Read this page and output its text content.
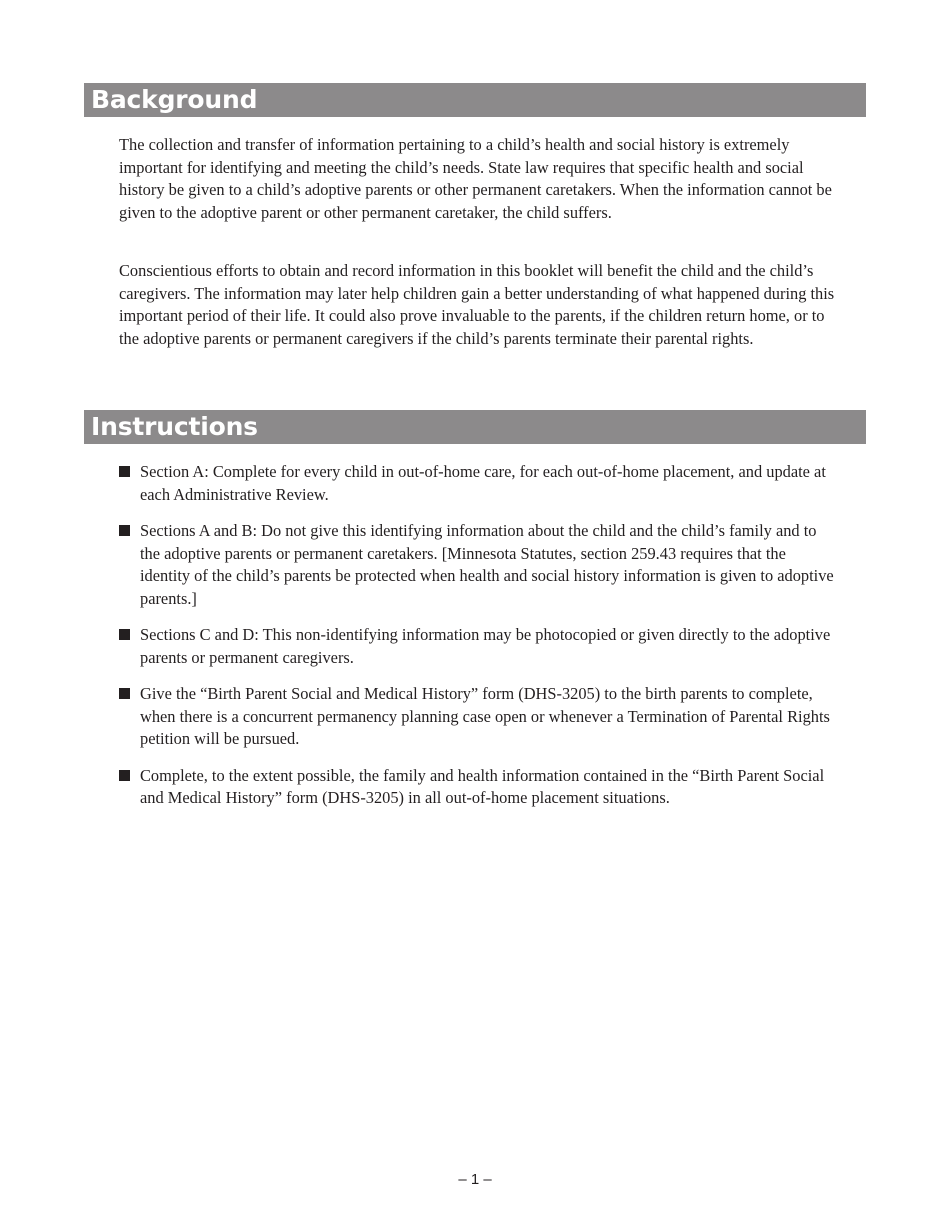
Background

The collection and transfer of information pertaining to a child’s health and social history is extremely important for identifying and meeting the child’s needs. State law requires that specific health and social history be given to a child’s adoptive parents or other permanent caretakers. When the information cannot be given to the adoptive parent or other permanent caretaker, the child suffers.

Conscientious efforts to obtain and record information in this booklet will benefit the child and the child’s caregivers. The information may later help children gain a better understanding of what happened during this important period of their life. It could also prove invaluable to the parents, if the children return home, or to the adoptive parents or permanent caregivers if the child’s parents terminate their parental rights.

Instructions
Section A: Complete for every child in out-of-home care, for each out-of-home placement, and update at each Administrative Review.
Sections A and B: Do not give this identifying information about the child and the child’s family and to the adoptive parents or permanent caretakers. [Minnesota Statutes, section 259.43 requires that the identity of the child’s parents be protected when health and social history information is given to adoptive parents.]
Sections C and D: This non-identifying information may be photocopied or given directly to the adoptive parents or permanent caregivers.
Give the “Birth Parent Social and Medical History” form (DHS-3205) to the birth parents to complete, when there is a concurrent permanency planning case open or whenever a Termination of Parental Rights petition will be pursued.
Complete, to the extent possible, the family and health information contained in the “Birth Parent Social and Medical History” form (DHS-3205) in all out-of-home placement situations.
– 1 –
